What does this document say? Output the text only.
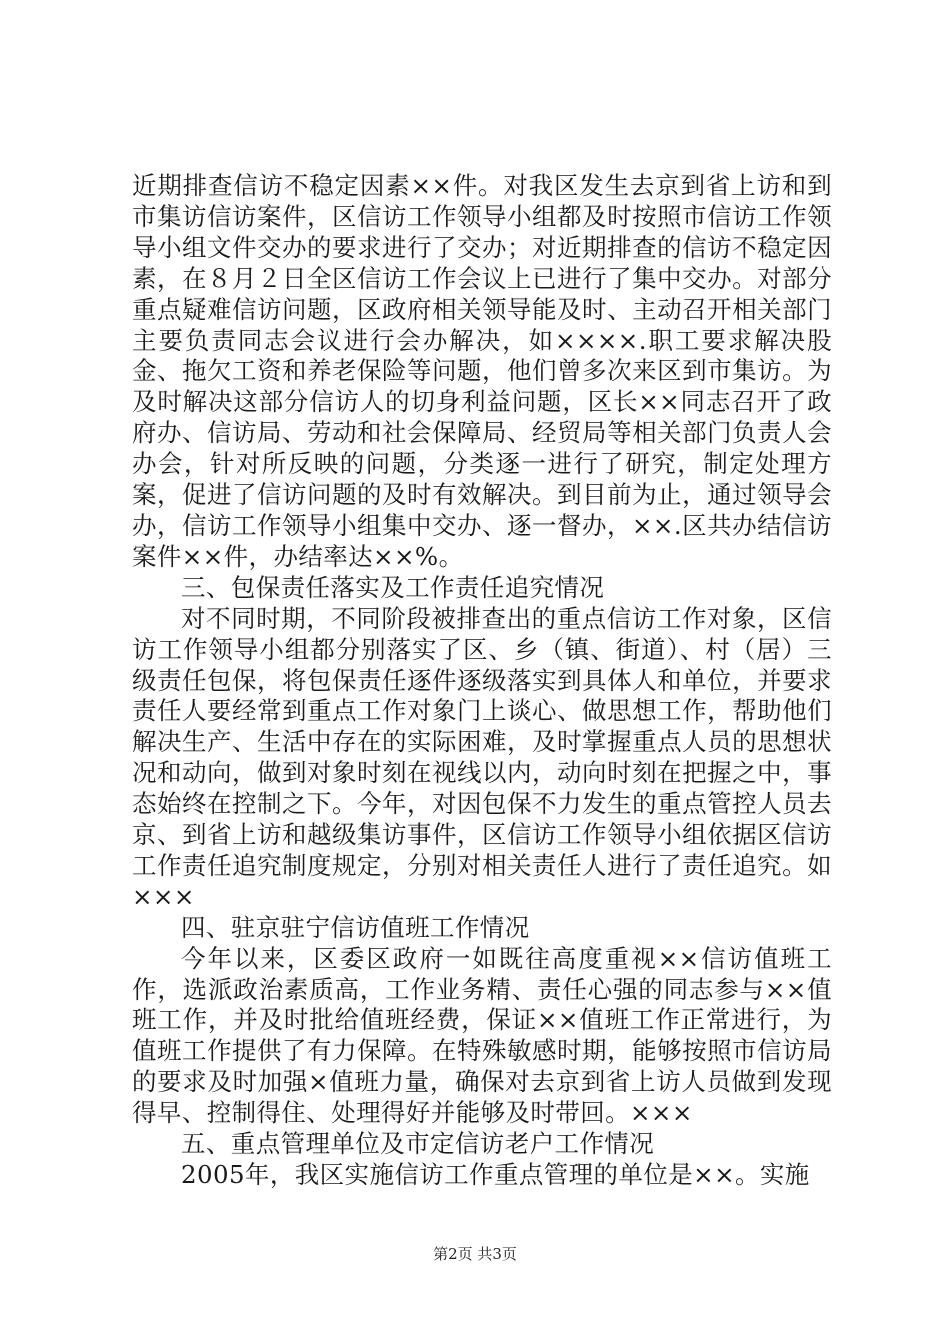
近期排查信访不稳定因素××件。对我区发生去京到省上访和到市集访信访案件，区信访工作领导小组都及时按照市信访工作领导小组文件交办的要求进行了交办；对近期排查的信访不稳定因素，在８月２日全区信访工作会议上已进行了集中交办。对部分重点疑难信访问题，区政府相关领导能及时、主动召开相关部门主要负责同志会议进行会办解决，如××××.职工要求解决股金、拖欠工资和养老保险等问题，他们曾多次来区到市集访。为及时解决这部分信访人的切身利益问题，区长××同志召开了政府办、信访局、劳动和社会保障局、经贸局等相关部门负责人会办会，针对所反映的问题，分类逐一进行了研究，制定处理方案，促进了信访问题的及时有效解决。到目前为止，通过领导会办，信访工作领导小组集中交办、逐一督办，××.区共办结信访案件××件，办结率达××%。

三、包保责任落实及工作责任追究情况

对不同时期，不同阶段被排查出的重点信访工作对象，区信访工作领导小组都分别落实了区、乡（镇、街道）、村（居）三级责任包保，将包保责任逐件逐级落实到具体人和单位，并要求责任人要经常到重点工作对象门上谈心、做思想工作，帮助他们解决生产、生活中存在的实际困难，及时掌握重点人员的思想状况和动向，做到对象时刻在视线以内，动向时刻在把握之中，事态始终在控制之下。今年，对因包保不力发生的重点管控人员去京、到省上访和越级集访事件，区信访工作领导小组依据区信访工作责任追究制度规定，分别对相关责任人进行了责任追究。如×××

四、驻京驻宁信访值班工作情况

今年以来，区委区政府一如既往高度重视××信访值班工作，选派政治素质高，工作业务精、责任心强的同志参与××值班工作，并及时批给值班经费，保证××值班工作正常进行，为值班工作提供了有力保障。在特殊敏感时期，能够按照市信访局的要求及时加强×值班力量，确保对去京到省上访人员做到发现得早、控制得住、处理得好并能够及时带回。×××

五、重点管理单位及市定信访老户工作情况

2005年，我区实施信访工作重点管理的单位是××。实施

第2页 共3页
